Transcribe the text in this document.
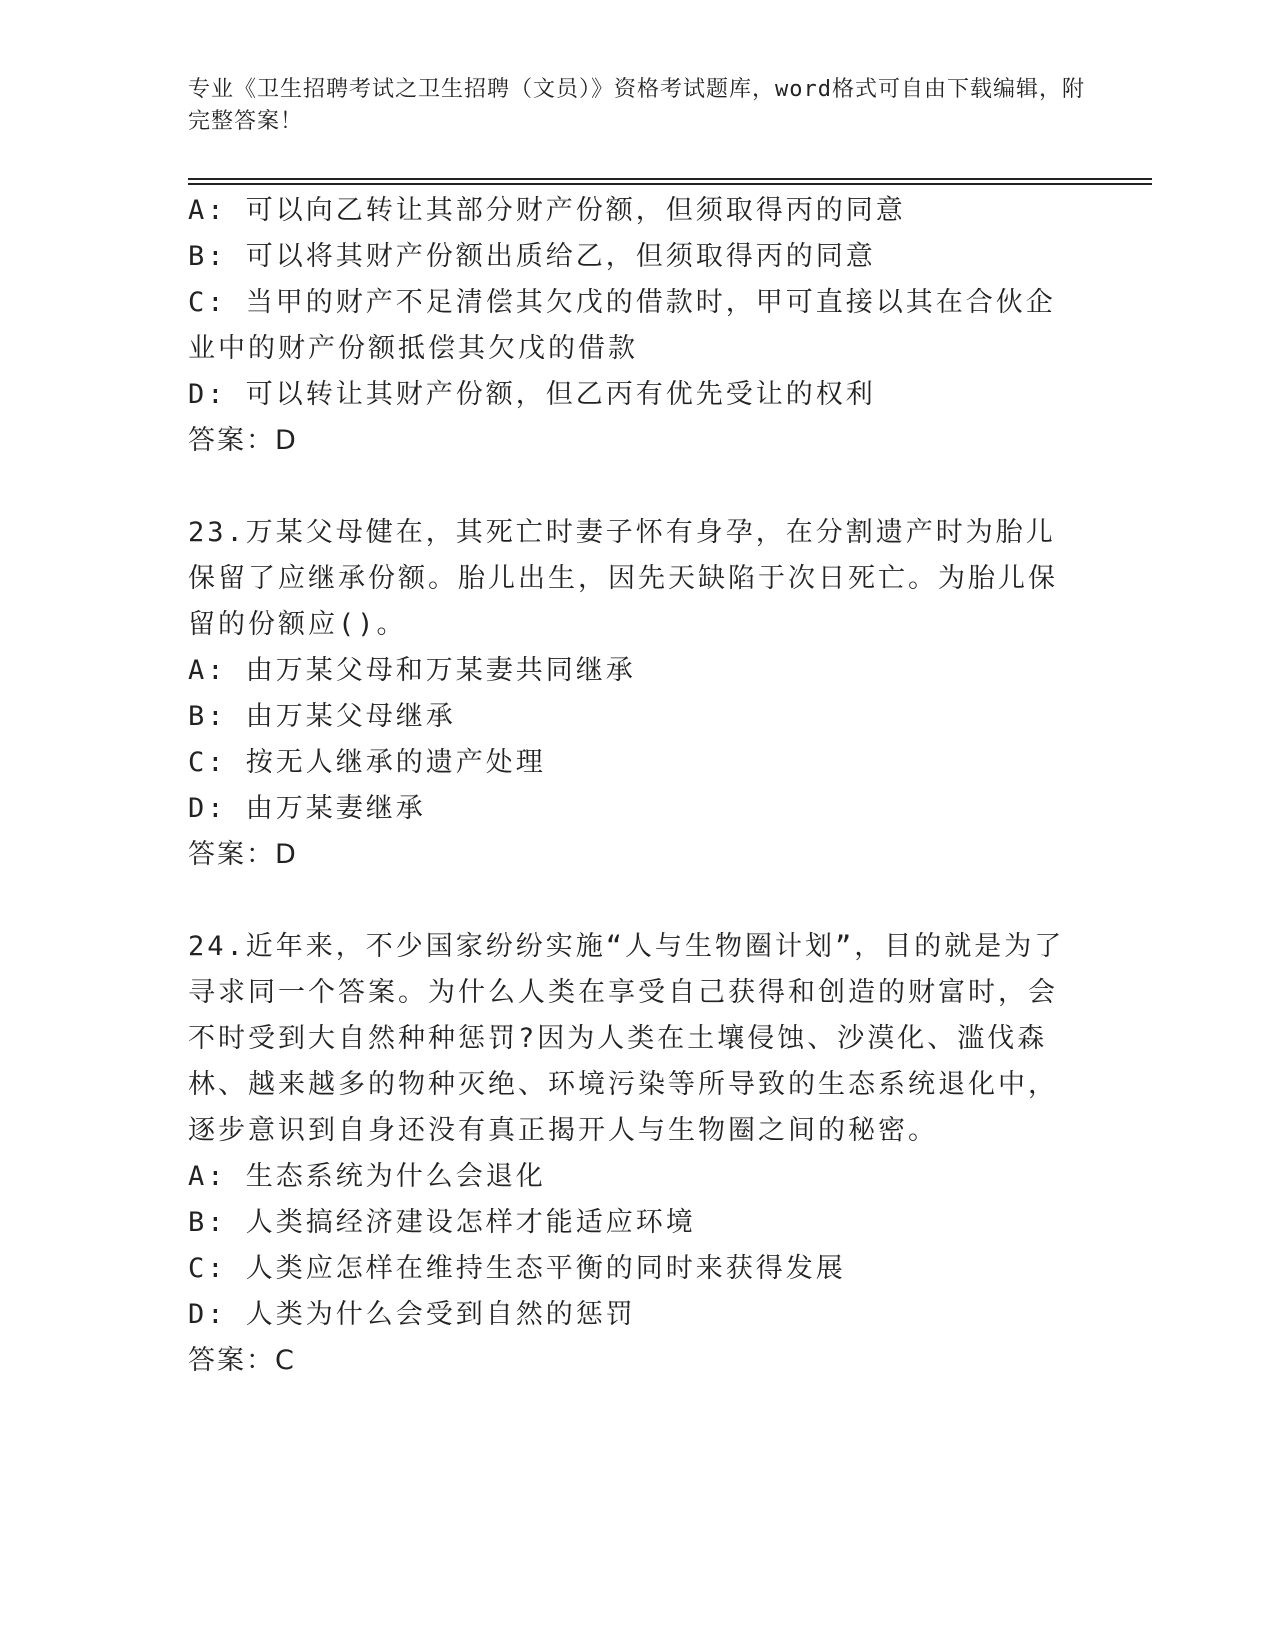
专业《卫生招聘考试之卫生招聘（文员）》资格考试题库，word格式可自由下载编辑，附完整答案！
A: 可以向乙转让其部分财产份额，但须取得丙的同意
B: 可以将其财产份额出质给乙，但须取得丙的同意
C: 当甲的财产不足清偿其欠戊的借款时，甲可直接以其在合伙企业中的财产份额抵偿其欠戊的借款
D: 可以转让其财产份额，但乙丙有优先受让的权利
答案：D
23.万某父母健在，其死亡时妻子怀有身孕，在分割遗产时为胎儿保留了应继承份额。胎儿出生，因先天缺陷于次日死亡。为胎儿保留的份额应()。
A: 由万某父母和万某妻共同继承
B: 由万某父母继承
C: 按无人继承的遗产处理
D: 由万某妻继承
答案：D
24.近年来，不少国家纷纷实施“人与生物圈计划”，目的就是为了寻求同一个答案。为什么人类在享受自己获得和创造的财富时，会不时受到大自然种种惩罚?因为人类在土壤侵蚀、沙漠化、滥伐森林、越来越多的物种灭绝、环境污染等所导致的生态系统退化中，逐步意识到自身还没有真正揭开人与生物圈之间的秘密。
A: 生态系统为什么会退化
B: 人类搞经济建设怎样才能适应环境
C: 人类应怎样在维持生态平衡的同时来获得发展
D: 人类为什么会受到自然的惩罚
答案：C
